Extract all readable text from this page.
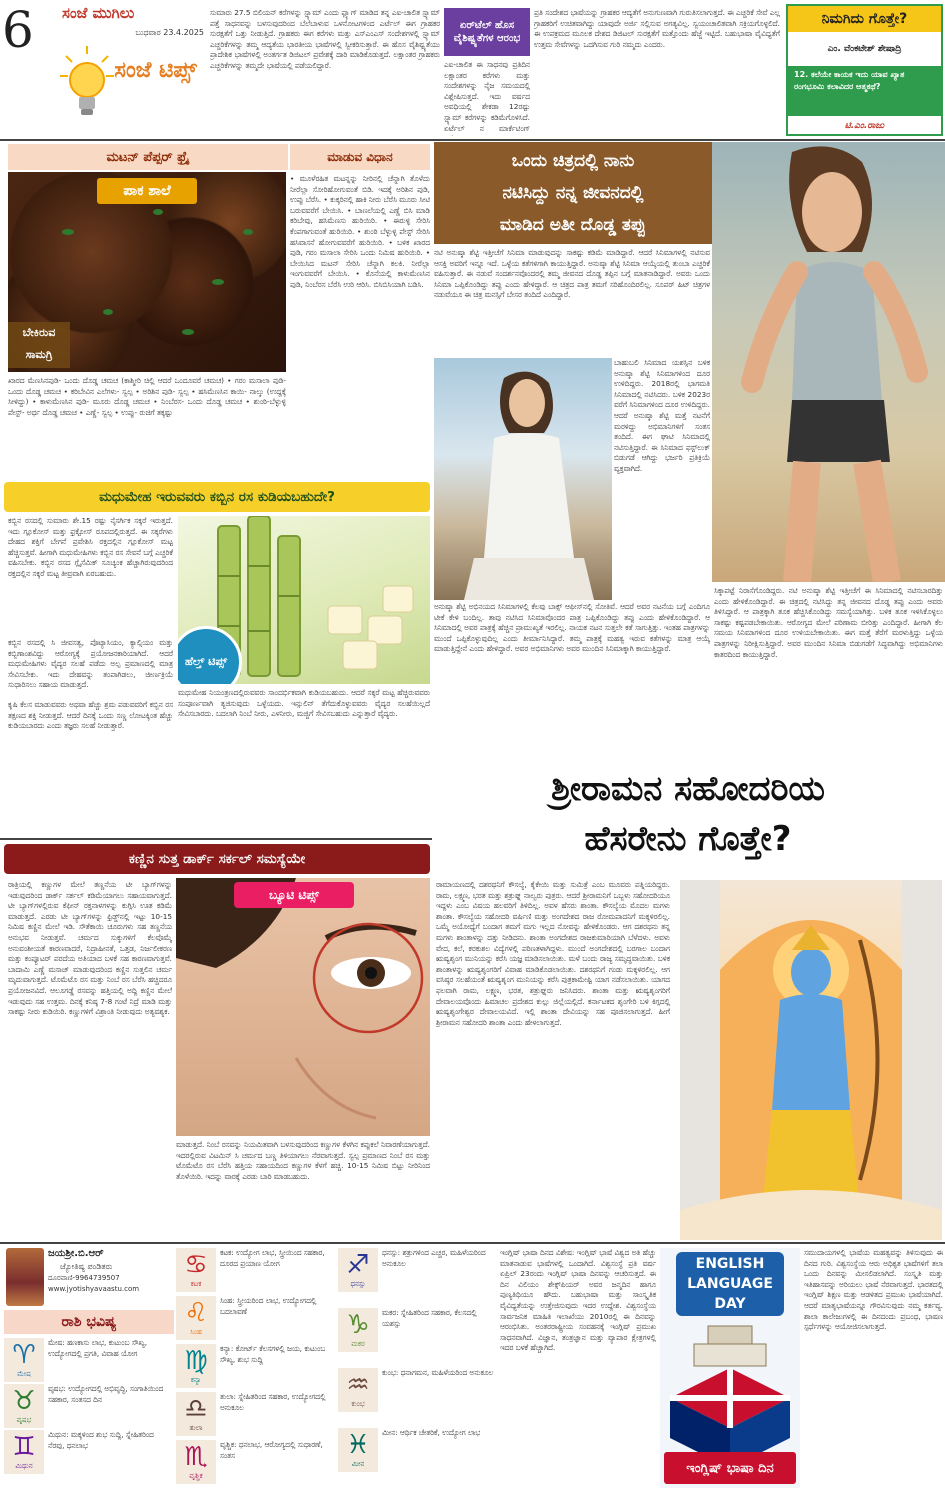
6	ಸಂಜೆ ಮುಗಿಲು
ಬುಧವಾರ 23.4.2025
ಸಂಜೆ ಟಿಪ್ಸ್
ಸುಮಾರು 27.5 ಬಿಲಿಯನ್ ಕರೆಗಳನ್ನು ಸ್ಪ್ಯಾಮ್ ಎಂದು ಫ್ಲ್ಯಾಗ್ ಮಾಡಿದ ತನ್ನ ಎಐ-ಚಾಲಿತ ಸ್ಪ್ಯಾಮ್ ಪತ್ತೆ ಸಾಧನವನ್ನು ಬಳಸುವುದರಿಂದ ಬೆಲೆಬಾಳುವ ಒಳನೋಟಗಳಿಂದ ಎರ್ಟೆಲ್ ಈಗ ಗ್ರಾಹಕರ ಸುರಕ್ಷತೆಗೆ ಒತ್ತು ನೀಡುತ್ತಿದೆ. ಗ್ರಾಹಕರು ಈಗ ಕರೆಗಳು ಮತ್ತು ಎಸ್‌ಎಂಎಸ್ ಸಂದೇಶಗಳಲ್ಲಿ ಸ್ಪ್ಯಾಮ್ ಎಚ್ಚರಿಕೆಗಳನ್ನು ತಮ್ಮ ಆದ್ಯತೆಯ ಭಾರತೀಯ ಭಾಷೆಗಳಲ್ಲಿ ಸ್ವೀಕರಿಸುತ್ತಾರೆ. ಈ ಹೊಸ ವೈಶಿಷ್ಟ್ಯತೆಯು ಪ್ರಾದೇಶಿಕ ಭಾಷೆಗಳಲ್ಲಿ ಅಂತರ್ಗತ ಡಿಜಿಟಲ್ ಪ್ರವೇಶಕ್ಕೆ ದಾರಿ ಮಾಡಿಕೊಡುತ್ತದೆ. ಲಕ್ಷಾಂತರ ಗ್ರಾಹಕರು ಎಚ್ಚರಿಕೆಗಳನ್ನು ತಮ್ಮದೇ ಭಾಷೆಯಲ್ಲಿ ಪಡೆಯಲಿದ್ದಾರೆ.
ಏರ್‌ಟೆಲ್ ಹೊಸ ವೈಶಿಷ್ಟ್ಯತೆಗಳ ಆರಂಭ
ಎಐ-ಚಾಲಿತ ಈ ಸಾಧನವು ಪ್ರತಿದಿನ ಲಕ್ಷಾಂತರ ಕರೆಗಳು ಮತ್ತು ಸಂದೇಶಗಳನ್ನು ನೈಜ ಸಮಯದಲ್ಲಿ ವಿಶ್ಲೇಷಿಸುತ್ತದೆ. ಇದು ವರ್ಷದ ಅವಧಿಯಲ್ಲಿ ಶೇಕಡಾ 12ರಷ್ಟು ಸ್ಪ್ಯಾಮ್ ಕರೆಗಳನ್ನು ಕಡಿಮೆಗೊಳಿಸಿದೆ. ಏರ್ಟೆಲ್ ನ ಮಾರ್ಕೆಟಿಂಗ್
ಪ್ರತಿ ಸಂದೇಶದ ಭಾಷೆಯನ್ನು ಗ್ರಾಹಕರ ಆದ್ಯತೆಗೆ ಅನುಗುಣವಾಗಿ ಗುರುತಿಸಲಾಗುತ್ತದೆ. ಈ ಎಚ್ಚರಿಕೆ ಸೇವೆ ಎಲ್ಲ ಗ್ರಾಹಕರಿಗೆ ಉಚಿತವಾಗಿದ್ದು ಯಾವುದೇ ಅರ್ಜಿ ಸಲ್ಲಿಸುವ ಅಗತ್ಯವಿಲ್ಲ. ಸ್ವಯಂಚಾಲಿತವಾಗಿ ಸಕ್ರಿಯಗೊಳ್ಳಲಿದೆ. ಈ ಉಪಕ್ರಮದ ಮೂಲಕ ದೇಶದ ಡಿಜಿಟಲ್ ಸುರಕ್ಷತೆಗೆ ಮತ್ತೊಂದು ಹೆಜ್ಜೆ ಇಟ್ಟಿದೆ. ಬಹುಭಾಷಾ ವೈವಿಧ್ಯತೆಗೆ ಉತ್ತಮ ಸೇವೆಗಳನ್ನು ಒದಗಿಸುವ ಗುರಿ ನಮ್ಮದು ಎಂದರು.
ನಿಮಗಿದು ಗೊತ್ತೇ?
ಎಂ. ವೆಂಕಟೇಶ್ ಶೇಷಾದ್ರಿ
12. ಕಲೆಯೇ ಕಾಯಕ ಇದು ಯಾವ ಖ್ಯಾತ ರಂಗಭೂಮಿ ಕಲಾವಿದರ ಆತ್ಮಕಥೆ?
ಟಿ.ಎಂ.ರಾಜು
ಮಟನ್ ಪೆಪ್ಪರ್ ಫ್ರೈ	ಮಾಡುವ ವಿಧಾನ
ಪಾಕ ಶಾಲೆ
ಬೇಕಿರುವ ಸಾಮಗ್ರಿ
ಖಾರದ ಮೆಣಸಿನಪುಡಿ- ಒಂದು ದೊಡ್ಡ ಚಮಚ (ಕಾಶ್ಮೀರಿ ಚಿಲ್ಲಿ ಆದರೆ ಒಂದೂವರೆ ಚಮಚ) • ಗರಂ ಮಸಾಲಾ ಪುಡಿ-ಒಂದು ದೊಡ್ಡ ಚಮಚ • ಕರಿಬೇವಿನ ಎಲೆಗಳು- ಸ್ವಲ್ಪ • ಅರಿಶಿನ ಪುಡಿ- ಸ್ವಲ್ಪ • ಹಸಿಮೆಣಸಿನ ಕಾಯಿ- ನಾಲ್ಕು (ಉದ್ದಕ್ಕೆ ಸೀಳಿದ್ದು) • ಕಾಳುಮೆಣಸಿನ ಪುಡಿ- ಮೂರು ದೊಡ್ಡ ಚಮಚ • ನಿಂಬೆರಸ- ಒಂದು ದೊಡ್ಡ ಚಮಚ • ಶುಂಠಿ-ಬೆಳ್ಳುಳ್ಳಿ ಪೇಸ್ಟ್- ಅರ್ಧ ದೊಡ್ಡ ಚಮಚ • ಎಣ್ಣೆ- ಸ್ವಲ್ಪ • ಉಪ್ಪು- ರುಚಿಗೆ ತಕ್ಕಷ್ಟು
• ಮೂಳೆರಹಿತ ಮಟನ್ನನ್ನು ನೀರಿನಲ್ಲಿ ಚೆನ್ನಾಗಿ ತೊಳೆದು ನೀರೆಲ್ಲಾ ಸೋರಿಹೋಗುವಂತೆ ಬಿಡಿ. ಇದಕ್ಕೆ ಅರಿಶಿನ ಪುಡಿ, ಉಪ್ಪು ಬೆರೆಸಿ. • ಕುಕ್ಕರಿನಲ್ಲಿ ಹಾಕಿ ನೀರು ಬೆರೆಸಿ ಮೂರು ಸೀಟಿ ಬರುವವರೆಗೆ ಬೇಯಿಸಿ. • ಬಾಣಲೆಯಲ್ಲಿ ಎಣ್ಣೆ ಬಿಸಿ ಮಾಡಿ ಕರಿಬೇವು, ಹಸಿಮೆಣಸು ಹುರಿಯಿರಿ. • ಈರುಳ್ಳಿ ಸೇರಿಸಿ ಕೆಂಪಗಾಗುವಂತೆ ಹುರಿಯಿರಿ. • ಶುಂಠಿ ಬೆಳ್ಳುಳ್ಳಿ ಪೇಸ್ಟ್ ಸೇರಿಸಿ ಹಸಿವಾಸನೆ ಹೋಗುವವರೆಗೆ ಹುರಿಯಿರಿ. • ಬಳಿಕ ಖಾರದ ಪುಡಿ, ಗರಂ ಮಸಾಲಾ ಸೇರಿಸಿ ಒಂದು ನಿಮಿಷ ಹುರಿಯಿರಿ. • ಬೇಯಿಸಿದ ಮಟನ್ ಸೇರಿಸಿ ಚೆನ್ನಾಗಿ ಕಲಕಿ. ನೀರೆಲ್ಲಾ ಇಂಗುವವರೆಗೆ ಬೇಯಿಸಿ. • ಕೊನೆಯಲ್ಲಿ ಕಾಳುಮೆಣಸಿನ ಪುಡಿ, ನಿಂಬೆರಸ ಬೆರೆಸಿ ಉರಿ ಆರಿಸಿ. ಬಿಸಿಬಿಸಿಯಾಗಿ ಬಡಿಸಿ.
ಒಂದು ಚಿತ್ರದಲ್ಲಿ ನಾನು
ನಟಿಸಿದ್ದು ನನ್ನ ಜೀವನದಲ್ಲಿ
ಮಾಡಿದ ಅತೀ ದೊಡ್ಡ ತಪ್ಪು
ನಟಿ ಅನುಷ್ಕಾ ಶೆಟ್ಟಿ ಇತ್ತೀಚೆಗೆ ಸಿನಿಮಾ ಮಾಡುವುದನ್ನು ಸಾಕಷ್ಟು ಕಡಿಮೆ ಮಾಡಿದ್ದಾರೆ. ಆದರೆ ಸಿನಿಮಾಗಳಲ್ಲಿ ನಟಿಸುವ ಆಸಕ್ತಿ ಅವರಿಗೆ ಇನ್ನೂ ಇದೆ. ಒಳ್ಳೆಯ ಕತೆಗಳಿಗಾಗಿ ಕಾಯುತ್ತಿದ್ದಾರೆ. ಅನುಷ್ಕಾ ಶೆಟ್ಟಿ ಸಿನಿಮಾ ಆಯ್ಕೆಯಲ್ಲಿ ತುಂಬಾ ಎಚ್ಚರಿಕೆ ವಹಿಸುತ್ತಾರೆ. ಈ ನಡುವೆ ಸಂದರ್ಶನವೊಂದರಲ್ಲಿ ತಮ್ಮ ಜೀವನದ ದೊಡ್ಡ ತಪ್ಪಿನ ಬಗ್ಗೆ ಮಾತನಾಡಿದ್ದಾರೆ. ಅವರು ಒಂದು ಸಿನಿಮಾ ಒಪ್ಪಿಕೊಂಡಿದ್ದು ತಪ್ಪು ಎಂದು ಹೇಳಿದ್ದಾರೆ. ಆ ಚಿತ್ರದ ಪಾತ್ರ ತಮಗೆ ಸರಿಹೊಂದಿರಲಿಲ್ಲ. ಸೂಪರ್ ಹಿಟ್ ಚಿತ್ರಗಳ ನಡುವೆಯೂ ಈ ಚಿತ್ರ ಮನಸ್ಸಿಗೆ ಬೇಸರ ತಂದಿದೆ ಎಂದಿದ್ದಾರೆ.
ಬಾಹುಬಲಿ ಸಿನಿಮಾದ ಯಶಸ್ಸಿನ ಬಳಿಕ ಅನುಷ್ಕಾ ಶೆಟ್ಟಿ ಸಿನಿಮಾಗಳಿಂದ ದೂರ ಉಳಿದಿದ್ದರು. 2018ರಲ್ಲಿ ಭಾಗಮತಿ ಸಿನಿಮಾದಲ್ಲಿ ನಟಿಸಿದರು. ಬಳಿಕ 2023ರ ವರೆಗೆ ಸಿನಿಮಾಗಳಿಂದ ದೂರ ಉಳಿದಿದ್ದರು. ಆದರೆ ಅನುಷ್ಕಾ ಶೆಟ್ಟಿ ಮತ್ತೆ ನಟನೆಗೆ ಮರಳಿದ್ದು ಅಭಿಮಾನಿಗಳಿಗೆ ಸಂತಸ ತಂದಿದೆ. ಈಗ ಘಾಟಿ ಸಿನಿಮಾದಲ್ಲಿ ನಟಿಸುತ್ತಿದ್ದಾರೆ. ಈ ಸಿನಿಮಾದ ಫಸ್ಟ್‌ಲುಕ್ ಬಿಡುಗಡೆ ಆಗಿದ್ದು ಭರ್ಜರಿ ಪ್ರತಿಕ್ರಿಯೆ ವ್ಯಕ್ತವಾಗಿದೆ.
ಅನುಷ್ಕಾ ಶೆಟ್ಟಿ ಅಭಿನಯದ ಸಿನಿಮಾಗಳಲ್ಲಿ ಕೆಲವು ಬಾಕ್ಸ್ ಆಫೀಸ್‌ನಲ್ಲಿ ಸೋತಿವೆ. ಆದರೆ ಅವರ ನಟನೆಯ ಬಗ್ಗೆ ಎಂದಿಗೂ ಟೀಕೆ ಕೇಳಿ ಬಂದಿಲ್ಲ. ತಾವು ನಟಿಸಿದ ಸಿನಿಮಾವೊಂದರ ಪಾತ್ರ ಒಪ್ಪಿಕೊಂಡಿದ್ದು ತಪ್ಪು ಎಂದು ಹೇಳಿಕೊಂಡಿದ್ದಾರೆ. ಆ ಸಿನಿಮಾದಲ್ಲಿ ಅವರ ಪಾತ್ರಕ್ಕೆ ಹೆಚ್ಚಿನ ಪ್ರಾಮುಖ್ಯತೆ ಇರಲಿಲ್ಲ. ನಾಯಕ ನಟನ ಸುತ್ತಲೇ ಕತೆ ಸಾಗುತ್ತಿತ್ತು. ಇಂತಹ ಪಾತ್ರಗಳನ್ನು ಮುಂದೆ ಒಪ್ಪಿಕೊಳ್ಳುವುದಿಲ್ಲ ಎಂದು ತೀರ್ಮಾನಿಸಿದ್ದಾರೆ. ತಮ್ಮ ಪಾತ್ರಕ್ಕೆ ಮಹತ್ವ ಇರುವ ಕತೆಗಳನ್ನು ಮಾತ್ರ ಆಯ್ಕೆ ಮಾಡುತ್ತಿದ್ದೇನೆ ಎಂದು ಹೇಳಿದ್ದಾರೆ. ಅವರ ಅಭಿಮಾನಿಗಳು ಅವರ ಮುಂದಿನ ಸಿನಿಮಾಕ್ಕಾಗಿ ಕಾಯುತ್ತಿದ್ದಾರೆ.
ಸಿಕ್ಕಾಪಟ್ಟೆ ನಿರಾಸೆಗೊಂಡಿದ್ದರು. ನಟಿ ಅನುಷ್ಕಾ ಶೆಟ್ಟಿ ಇತ್ತೀಚೆಗೆ ಈ ಸಿನಿಮಾದಲ್ಲಿ ನಟಿಸಬಾರದಿತ್ತು ಎಂದು ಹೇಳಿಕೊಂಡಿದ್ದಾರೆ. ಈ ಚಿತ್ರದಲ್ಲಿ ನಟಿಸಿದ್ದು ತನ್ನ ಜೀವನದ ದೊಡ್ಡ ತಪ್ಪು ಎಂದು ಅವರು ತಿಳಿಸಿದ್ದಾರೆ. ಆ ಪಾತ್ರಕ್ಕಾಗಿ ತೂಕ ಹೆಚ್ಚಿಸಿಕೊಂಡಿದ್ದು ಸಮಸ್ಯೆಯಾಗಿತ್ತು. ಬಳಿಕ ತೂಕ ಇಳಿಸಿಕೊಳ್ಳಲು ಸಾಕಷ್ಟು ಕಷ್ಟಪಡಬೇಕಾಯಿತು. ಆರೋಗ್ಯದ ಮೇಲೆ ಪರಿಣಾಮ ಬೀರಿತ್ತು ಎಂದಿದ್ದಾರೆ. ಹೀಗಾಗಿ ಕೆಲ ಸಮಯ ಸಿನಿಮಾಗಳಿಂದ ದೂರ ಉಳಿಯಬೇಕಾಯಿತು. ಈಗ ಮತ್ತೆ ತೆರೆಗೆ ಮರಳುತ್ತಿದ್ದು ಒಳ್ಳೆಯ ಪಾತ್ರಗಳನ್ನು ನಿರೀಕ್ಷಿಸುತ್ತಿದ್ದಾರೆ. ಅವರ ಮುಂದಿನ ಸಿನಿಮಾ ಬಿಡುಗಡೆಗೆ ಸಿದ್ಧವಾಗಿದ್ದು ಅಭಿಮಾನಿಗಳು ಕಾತರದಿಂದ ಕಾಯುತ್ತಿದ್ದಾರೆ.
ಮಧುಮೇಹ ಇರುವವರು ಕಬ್ಬಿನ ರಸ ಕುಡಿಯಬಹುದೇ?
ಕಬ್ಬಿನ ರಸದಲ್ಲಿ ಸುಮಾರು ಶೇ.15 ರಷ್ಟು ನೈಸರ್ಗಿಕ ಸಕ್ಕರೆ ಇರುತ್ತದೆ. ಇದು ಗ್ಲೂಕೋಸ್ ಮತ್ತು ಫ್ರಕ್ಟೋಸ್ ರೂಪದಲ್ಲಿರುತ್ತದೆ. ಈ ಸಕ್ಕರೆಗಳು ದೇಹದ ಶಕ್ತಿಗೆ ಬೇಗನೆ ಪ್ರವೇಶಿಸಿ ರಕ್ತದಲ್ಲಿನ ಗ್ಲೂಕೋಸ್ ಮಟ್ಟ ಹೆಚ್ಚಿಸುತ್ತವೆ. ಹೀಗಾಗಿ ಮಧುಮೇಹಿಗಳು ಕಬ್ಬಿನ ರಸ ಸೇವನೆ ಬಗ್ಗೆ ಎಚ್ಚರಿಕೆ ವಹಿಸಬೇಕು. ಕಬ್ಬಿನ ರಸದ ಗ್ಲೈಸೆಮಿಕ್ ಸೂಚ್ಯಂಕ ಹೆಚ್ಚಾಗಿರುವುದರಿಂದ ರಕ್ತದಲ್ಲಿನ ಸಕ್ಕರೆ ಮಟ್ಟ ತೀವ್ರವಾಗಿ ಏರಬಹುದು.
ಹೆಲ್ತ್ ಟಿಪ್ಸ್
ಕಬ್ಬಿನ ರಸದಲ್ಲಿ ಸಿ ಜೀವಸತ್ವ, ಪೊಟ್ಯಾಸಿಯಂ, ಕ್ಯಾಲ್ಸಿಯಂ ಮತ್ತು ಕಬ್ಬಿಣಾಂಶವಿದ್ದು ಆರೋಗ್ಯಕ್ಕೆ ಪ್ರಯೋಜನಕಾರಿಯಾಗಿದೆ. ಆದರೆ ಮಧುಮೇಹಿಗಳು ವೈದ್ಯರ ಸಲಹೆ ಪಡೆದು ಅಲ್ಪ ಪ್ರಮಾಣದಲ್ಲಿ ಮಾತ್ರ ಸೇವಿಸಬೇಕು. ಇದು ದೇಹವನ್ನು ತಂಪಾಗಿಡಲು, ಜೀರ್ಣಕ್ರಿಯೆ ಸುಧಾರಿಸಲು ಸಹಾಯ ಮಾಡುತ್ತದೆ.
ಕೃಷಿ ಕೆಲಸ ಮಾಡುವವರು ಅಥವಾ ಹೆಚ್ಚು ಶ್ರಮ ಪಡುವವರಿಗೆ ಕಬ್ಬಿನ ರಸ ತಕ್ಷಣದ ಶಕ್ತಿ ನೀಡುತ್ತದೆ. ಆದರೆ ದಿನಕ್ಕೆ ಒಂದು ಸಣ್ಣ ಲೋಟಕ್ಕಿಂತ ಹೆಚ್ಚು ಕುಡಿಯಬಾರದು ಎಂದು ತಜ್ಞರು ಸಲಹೆ ನೀಡುತ್ತಾರೆ.
ಮಧುಮೇಹ ನಿಯಂತ್ರಣದಲ್ಲಿರುವವರು ಸಾಂದರ್ಭಿಕವಾಗಿ ಕುಡಿಯಬಹುದು. ಆದರೆ ಸಕ್ಕರೆ ಮಟ್ಟ ಹೆಚ್ಚಿರುವವರು ಸಂಪೂರ್ಣವಾಗಿ ತ್ಯಜಿಸುವುದು ಒಳ್ಳೆಯದು. ಇನ್ಸುಲಿನ್ ತೆಗೆದುಕೊಳ್ಳುವವರು ವೈದ್ಯರ ಸಲಹೆಯಿಲ್ಲದೆ ಸೇವಿಸಬಾರದು. ಬದಲಾಗಿ ನಿಂಬೆ ನೀರು, ಎಳನೀರು, ಮಜ್ಜಿಗೆ ಸೇವಿಸಬಹುದು ಎನ್ನುತ್ತಾರೆ ವೈದ್ಯರು.
ಶ್ರೀರಾಮನ ಸಹೋದರಿಯ
ಹೆಸರೇನು ಗೊತ್ತೇ?
ಕಣ್ಣಿನ ಸುತ್ತ ಡಾರ್ಕ್ ಸರ್ಕಲ್ ಸಮಸ್ಯೆಯೇ
ರಾತ್ರಿಯಲ್ಲಿ ಕಣ್ಣುಗಳ ಮೇಲೆ ತಣ್ಣನೆಯ ಟೀ ಬ್ಯಾಗ್‌ಗಳನ್ನು ಇಡುವುದರಿಂದ ಡಾರ್ಕ್ ಸರ್ಕಲ್ ಕಡಿಮೆಯಾಗಲು ಸಹಾಯವಾಗುತ್ತದೆ. ಟೀ ಬ್ಯಾಗ್‌ಗಳಲ್ಲಿರುವ ಕೆಫೀನ್ ರಕ್ತನಾಳಗಳನ್ನು ಕುಗ್ಗಿಸಿ ಊತ ಕಡಿಮೆ ಮಾಡುತ್ತದೆ. ಎರಡು ಟೀ ಬ್ಯಾಗ್‌ಗಳನ್ನು ಫ್ರಿಡ್ಜ್‌ನಲ್ಲಿ ಇಟ್ಟು 10-15 ನಿಮಿಷ ಕಣ್ಣಿನ ಮೇಲೆ ಇಡಿ. ಸೌತೆಕಾಯಿ ಚೂರುಗಳು ಸಹ ತಣ್ಣನೆಯ ಅನುಭವ ನೀಡುತ್ತವೆ. ಚರ್ಮದ ಸುಕ್ಕುಗಳಿಗೆ ಕೆಲವೊಮ್ಮೆ ಅನುವಂಶೀಯತೆ ಕಾರಣವಾದರೆ, ನಿದ್ರಾಹೀನತೆ, ಒತ್ತಡ, ನಿರ್ಜಲೀಕರಣ ಮತ್ತು ಕಂಪ್ಯೂಟರ್ ಪರದೆಯ ಅತಿಯಾದ ಬಳಕೆ ಸಹ ಕಾರಣವಾಗುತ್ತವೆ. ಬಾದಾಮಿ ಎಣ್ಣೆ ಮಸಾಜ್ ಮಾಡುವುದರಿಂದ ಕಣ್ಣಿನ ಸುತ್ತಲಿನ ಚರ್ಮ ಮೃದುವಾಗುತ್ತದೆ. ಟೊಮೆಟೊ ರಸ ಮತ್ತು ನಿಂಬೆ ರಸ ಬೆರೆಸಿ ಹಚ್ಚಿದರೂ ಪ್ರಯೋಜನವಿದೆ. ಆಲೂಗಡ್ಡೆ ರಸವನ್ನು ಹತ್ತಿಯಲ್ಲಿ ಅದ್ದಿ ಕಣ್ಣಿನ ಮೇಲೆ ಇಡುವುದು ಸಹ ಉತ್ತಮ. ದಿನಕ್ಕೆ ಕನಿಷ್ಠ 7-8 ಗಂಟೆ ನಿದ್ರೆ ಮಾಡಿ ಮತ್ತು ಸಾಕಷ್ಟು ನೀರು ಕುಡಿಯಿರಿ. ಕಣ್ಣುಗಳಿಗೆ ವಿಶ್ರಾಂತಿ ನೀಡುವುದು ಅತ್ಯವಶ್ಯಕ.
ಬ್ಯೂಟಿ ಟಿಪ್ಸ್
ಮಾಡುತ್ತದೆ. ನಿಂಬೆ ರಸವನ್ನು ನಿಯಮಿತವಾಗಿ ಬಳಸುವುದರಿಂದ ಕಣ್ಣುಗಳ ಕೆಳಗಿನ ಕಪ್ಪುಕಲೆ ನಿವಾರಣೆಯಾಗುತ್ತದೆ. ಇದರಲ್ಲಿರುವ ವಿಟಮಿನ್ ಸಿ ಚರ್ಮದ ಬಣ್ಣ ತಿಳಿಯಾಗಲು ನೆರವಾಗುತ್ತದೆ. ಸ್ವಲ್ಪ ಪ್ರಮಾಣದ ನಿಂಬೆ ರಸ ಮತ್ತು ಟೊಮೆಟೊ ರಸ ಬೆರೆಸಿ ಹತ್ತಿಯ ಸಹಾಯದಿಂದ ಕಣ್ಣುಗಳ ಕೆಳಗೆ ಹಚ್ಚಿ. 10-15 ನಿಮಿಷ ಬಿಟ್ಟು ನೀರಿನಿಂದ ತೊಳೆಯಿರಿ. ಇದನ್ನು ವಾರಕ್ಕೆ ಎರಡು ಬಾರಿ ಮಾಡಬಹುದು.
ರಾಮಾಯಣದಲ್ಲಿ ದಶರಥನಿಗೆ ಕೌಸಲ್ಯೆ, ಕೈಕೇಯಿ ಮತ್ತು ಸುಮಿತ್ರೆ ಎಂಬ ಮೂವರು ಪತ್ನಿಯರಿದ್ದರು. ರಾಮ, ಲಕ್ಷ್ಮಣ, ಭರತ ಮತ್ತು ಶತ್ರುಘ್ನ ನಾಲ್ವರು ಪುತ್ರರು. ಆದರೆ ಶ್ರೀರಾಮನಿಗೆ ಒಬ್ಬಳು ಸಹೋದರಿಯೂ ಇದ್ದಳು ಎಂಬ ವಿಷಯ ಹಲವರಿಗೆ ತಿಳಿದಿಲ್ಲ. ಅವಳ ಹೆಸರು ಶಾಂತಾ. ಕೌಸಲ್ಯೆಯ ಮೊದಲ ಮಗಳು ಶಾಂತಾ. ಕೌಸಲ್ಯೆಯ ಸಹೋದರಿ ವರ್ಷಿಣಿ ಮತ್ತು ಅಂಗದೇಶದ ರಾಜ ರೋಮಪಾದನಿಗೆ ಮಕ್ಕಳಿರಲಿಲ್ಲ. ಒಮ್ಮೆ ಅಯೋಧ್ಯೆಗೆ ಬಂದಾಗ ತಮಗೆ ಮಗು ಇಲ್ಲದ ನೋವನ್ನು ಹೇಳಿಕೊಂಡರು. ಆಗ ದಶರಥನು ತನ್ನ ಮಗಳು ಶಾಂತಾಳನ್ನು ದತ್ತು ನೀಡಿದನು. ಶಾಂತಾ ಅಂಗದೇಶದ ರಾಜಕುಮಾರಿಯಾಗಿ ಬೆಳೆದಳು. ಅವಳು ವೇದ, ಕಲೆ, ಕರಕುಶಲ ವಿದ್ಯೆಗಳಲ್ಲಿ ಪರಿಣತಳಾಗಿದ್ದಳು. ಮುಂದೆ ಅಂಗದೇಶದಲ್ಲಿ ಬರಗಾಲ ಬಂದಾಗ ಋಷ್ಯಶೃಂಗ ಮುನಿಯನ್ನು ಕರೆಸಿ ಯಜ್ಞ ಮಾಡಿಸಲಾಯಿತು. ಮಳೆ ಬಂದು ರಾಜ್ಯ ಸಮೃದ್ಧವಾಯಿತು. ಬಳಿಕ ಶಾಂತಾಳನ್ನು ಋಷ್ಯಶೃಂಗರಿಗೆ ವಿವಾಹ ಮಾಡಿಕೊಡಲಾಯಿತು. ದಶರಥನಿಗೆ ಗಂಡು ಮಕ್ಕಳಿರಲಿಲ್ಲ. ಆಗ ವಸಿಷ್ಠರ ಸಲಹೆಯಂತೆ ಋಷ್ಯಶೃಂಗ ಮುನಿಯನ್ನು ಕರೆಸಿ ಪುತ್ರಕಾಮೇಷ್ಟಿ ಯಾಗ ನಡೆಸಲಾಯಿತು. ಯಾಗದ ಫಲವಾಗಿ ರಾಮ, ಲಕ್ಷ್ಮಣ, ಭರತ, ಶತ್ರುಘ್ನರು ಜನಿಸಿದರು. ಶಾಂತಾ ಮತ್ತು ಋಷ್ಯಶೃಂಗರಿಗೆ ದೇವಾಲಯವೊಂದು ಹಿಮಾಚಲ ಪ್ರದೇಶದ ಕುಲ್ಲು ಜಿಲ್ಲೆಯಲ್ಲಿದೆ. ಕರ್ನಾಟಕದ ಶೃಂಗೇರಿ ಬಳಿ ಕಿಗ್ಗದಲ್ಲಿ ಋಷ್ಯಶೃಂಗೇಶ್ವರ ದೇವಾಲಯವಿದೆ. ಇಲ್ಲಿ ಶಾಂತಾ ದೇವಿಯನ್ನು ಸಹ ಪೂಜಿಸಲಾಗುತ್ತದೆ. ಹೀಗೆ ಶ್ರೀರಾಮನ ಸಹೋದರಿ ಶಾಂತಾ ಎಂದು ಹೇಳಲಾಗುತ್ತದೆ.
ಜಯಶ್ರೀ.ಬಿ.ಆರ್
ಜ್ಯೋತಿಷ್ಯ ಪಂಡಿತರು
ದೂರವಾಣಿ-9964739507
www.jyotishyavaastu.com
ರಾಶಿ ಭವಿಷ್ಯ
♈
ಮೇಷ
ಮೇಷ: ಹಣಕಾಸು ಲಾಭ, ಕುಟುಂಬ ಸೌಖ್ಯ, ಉದ್ಯೋಗದಲ್ಲಿ ಪ್ರಗತಿ, ವಿವಾಹ ಯೋಗ
♉
ವೃಷಭ
ವೃಷಭ: ಉದ್ಯೋಗದಲ್ಲಿ ಅಭಿವೃದ್ಧಿ, ಸಂಗಾತಿಯಿಂದ ಸಹಕಾರ, ಸಂತಸದ ದಿನ
♊
ಮಿಥುನ
ಮಿಥುನ: ಮಕ್ಕಳಿಂದ ಶುಭ ಸುದ್ದಿ, ಸ್ನೇಹಿತರಿಂದ ನೆರವು, ಧನಲಾಭ
♋
ಕಟಕ
ಕಟಕ: ಉದ್ಯೋಗ ಲಾಭ, ಸ್ತ್ರೀಯಿಂದ ಸಹಕಾರ, ದೂರದ ಪ್ರಯಾಣ ಯೋಗ
♌
ಸಿಂಹ
ಸಿಂಹ: ಸ್ತ್ರೀಯರಿಂದ ಲಾಭ, ಉದ್ಯೋಗದಲ್ಲಿ ಬದಲಾವಣೆ
♍
ಕನ್ಯಾ
ಕನ್ಯಾ: ಕೋರ್ಟ್ ಕೆಲಸಗಳಲ್ಲಿ ಜಯ, ಕುಟುಂಬ ಸೌಖ್ಯ, ಶುಭ ಸುದ್ದಿ
♎
ತುಲಾ
ತುಲಾ: ಸ್ನೇಹಿತರಿಂದ ಸಹಕಾರ, ಉದ್ಯೋಗದಲ್ಲಿ ಅನುಕೂಲ
♏
ವೃಶ್ಚಿಕ
ವೃಶ್ಚಿಕ: ಧನಲಾಭ, ಆರೋಗ್ಯದಲ್ಲಿ ಸುಧಾರಣೆ, ಸಂತಸ
♐
ಧನಸ್ಸು
ಧನಸ್ಸು: ಶತ್ರುಗಳಿಂದ ಎಚ್ಚರ, ಮಹಿಳೆಯರಿಂದ ಅನುಕೂಲ
♑
ಮಕರ
ಮಕರ: ಸ್ನೇಹಿತರಿಂದ ಸಹಕಾರ, ಕೆಲಸದಲ್ಲಿ ಯಶಸ್ಸು
♒
ಕುಂಭ
ಕುಂಭ: ಧನಾಗಮನ, ಮಹಿಳೆಯರಿಂದ ಅನುಕೂಲ
♓
ಮೀನ
ಮೀನ: ಆರ್ಥಿಕ ಚೇತರಿಕೆ, ಉದ್ಯೋಗ ಲಾಭ
ಇಂಗ್ಲಿಷ್ ಭಾಷಾ ದಿನದ ವಿಶೇಷ: ಇಂಗ್ಲಿಷ್ ಭಾಷೆ ವಿಶ್ವದ ಅತಿ ಹೆಚ್ಚು ಮಾತನಾಡುವ ಭಾಷೆಗಳಲ್ಲಿ ಒಂದಾಗಿದೆ. ವಿಶ್ವಸಂಸ್ಥೆ ಪ್ರತಿ ವರ್ಷ ಏಪ್ರಿಲ್ 23ರಂದು ಇಂಗ್ಲಿಷ್ ಭಾಷಾ ದಿನವನ್ನು ಆಚರಿಸುತ್ತದೆ. ಈ ದಿನ ವಿಲಿಯಂ ಶೇಕ್ಸ್‌ಪಿಯರ್ ಅವರ ಜನ್ಮದಿನ ಹಾಗೂ ಪುಣ್ಯತಿಥಿಯೂ ಹೌದು. ಬಹುಭಾಷಾ ಮತ್ತು ಸಾಂಸ್ಕೃತಿಕ ವೈವಿಧ್ಯತೆಯನ್ನು ಉತ್ತೇಜಿಸುವುದು ಇದರ ಉದ್ದೇಶ. ವಿಶ್ವಸಂಸ್ಥೆಯ ಸಾರ್ವಜನಿಕ ಮಾಹಿತಿ ಇಲಾಖೆಯು 2010ರಲ್ಲಿ ಈ ದಿನವನ್ನು ಆರಂಭಿಸಿತು. ಅಂತರರಾಷ್ಟ್ರೀಯ ಸಂವಹನಕ್ಕೆ ಇಂಗ್ಲಿಷ್ ಪ್ರಮುಖ ಸಾಧನವಾಗಿದೆ. ವಿಜ್ಞಾನ, ತಂತ್ರಜ್ಞಾನ ಮತ್ತು ವ್ಯಾಪಾರ ಕ್ಷೇತ್ರಗಳಲ್ಲಿ ಇದರ ಬಳಕೆ ಹೆಚ್ಚಾಗಿದೆ.
ENGLISH
LANGUAGE
DAY
ಇಂಗ್ಲಿಷ್ ಭಾಷಾ ದಿನ
ಸಮುದಾಯಗಳಲ್ಲಿ ಭಾಷೆಯ ಮಹತ್ವವನ್ನು ತಿಳಿಸುವುದು ಈ ದಿನದ ಗುರಿ. ವಿಶ್ವಸಂಸ್ಥೆಯ ಆರು ಅಧಿಕೃತ ಭಾಷೆಗಳಿಗೆ ತಲಾ ಒಂದು ದಿನವನ್ನು ಮೀಸಲಿಡಲಾಗಿದೆ. ಸಂಸ್ಕೃತಿ ಮತ್ತು ಇತಿಹಾಸವನ್ನು ಅರಿಯಲು ಭಾಷೆ ನೆರವಾಗುತ್ತದೆ. ಭಾರತದಲ್ಲಿ ಇಂಗ್ಲಿಷ್ ಶಿಕ್ಷಣ ಮತ್ತು ಆಡಳಿತದ ಪ್ರಮುಖ ಭಾಷೆಯಾಗಿದೆ. ಆದರೆ ಮಾತೃಭಾಷೆಯನ್ನೂ ಗೌರವಿಸುವುದು ನಮ್ಮ ಕರ್ತವ್ಯ. ಶಾಲಾ ಕಾಲೇಜುಗಳಲ್ಲಿ ಈ ದಿನದಂದು ಪ್ರಬಂಧ, ಭಾಷಣ ಸ್ಪರ್ಧೆಗಳನ್ನು ಆಯೋಜಿಸಲಾಗುತ್ತದೆ.
